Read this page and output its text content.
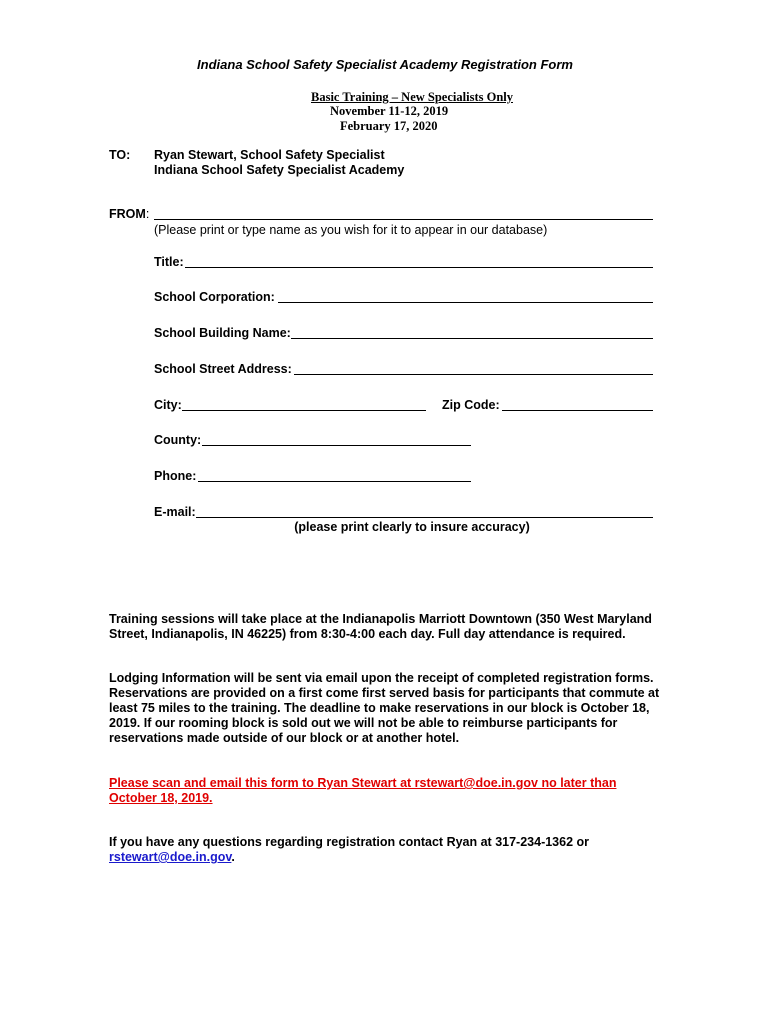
Indiana School Safety Specialist Academy Registration Form
Basic Training – New Specialists Only
November 11-12, 2019
February 17, 2020
TO: Ryan Stewart, School Safety Specialist
Indiana School Safety Specialist Academy
FROM:
(Please print or type name as you wish for it to appear in our database)
Title:
School Corporation:
School Building Name:
School Street Address:
City:	Zip Code:
County:
Phone:
E-mail:
(please print clearly to insure accuracy)
Training sessions will take place at the Indianapolis Marriott Downtown (350 West Maryland Street, Indianapolis, IN 46225) from 8:30-4:00 each day. Full day attendance is required.
Lodging Information will be sent via email upon the receipt of completed registration forms. Reservations are provided on a first come first served basis for participants that commute at least 75 miles to the training. The deadline to make reservations in our block is October 18, 2019. If our rooming block is sold out we will not be able to reimburse participants for reservations made outside of our block or at another hotel.
Please scan and email this form to Ryan Stewart at rstewart@doe.in.gov no later than October 18, 2019.
If you have any questions regarding registration contact Ryan at 317-234-1362 or rstewart@doe.in.gov.
